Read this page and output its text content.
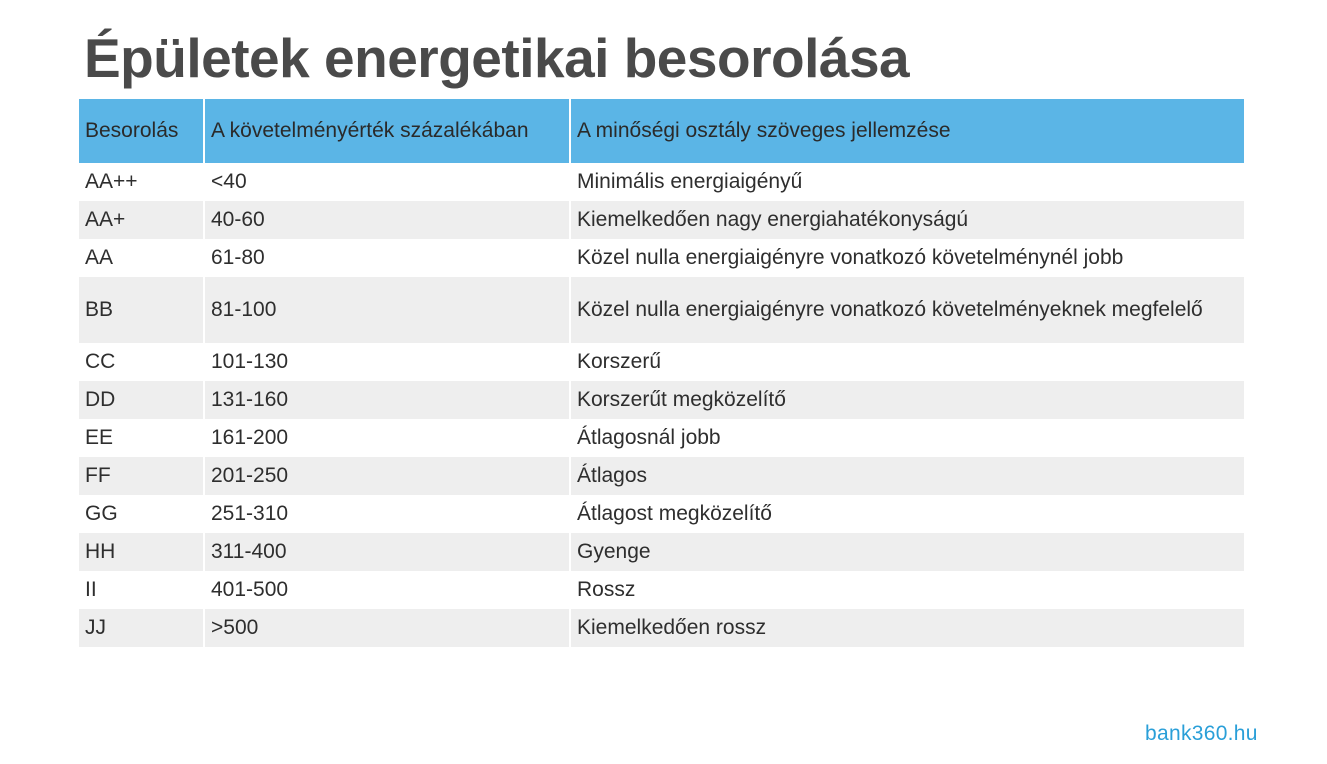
Épületek energetikai besorolása
Besorolás	A követelményérték százalékában	A minőségi osztály szöveges jellemzése
AA++	<40	Minimális energiaigényű
AA+	40-60	Kiemelkedően nagy energiahatékonyságú
AA	61-80	Közel nulla energiaigényre vonatkozó követelménynél jobb
BB	81-100	Közel nulla energiaigényre vonatkozó követelményeknek megfelelő
CC	101-130	Korszerű
DD	131-160	Korszerűt megközelítő
EE	161-200	Átlagosnál jobb
FF	201-250	Átlagos
GG	251-310	Átlagost megközelítő
HH	311-400	Gyenge
II	401-500	Rossz
JJ	>500	Kiemelkedően rossz
bank360.hu
